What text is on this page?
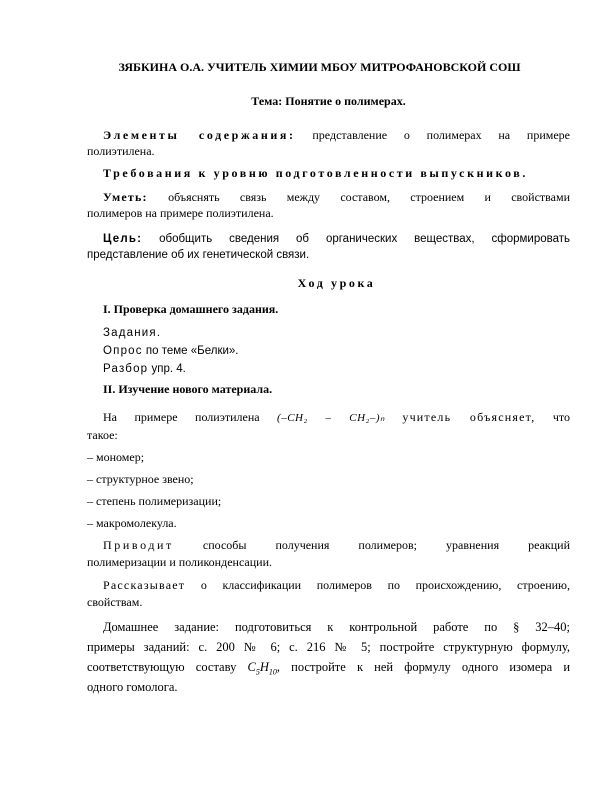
ЗЯБКИНА О.А. УЧИТЕЛЬ ХИМИИ МБОУ МИТРОФАНОВСКОЙ СОШ
Тема: Понятие о полимерах.
Элементы содержания: представление о полимерах на примере
полиэтилена.
Требования к уровню подготовленности выпускников.
Уметь: объяснять связь между составом, строением и свойствами
полимеров на примере полиэтилена.
Цель: обобщить сведения об органических веществах, сформировать
представление об их генетической связи.
Ход урока
I. Проверка домашнего задания.
Задания.
Опрос по теме «Белки».
Разбор упр. 4.
II. Изучение нового материала.
На примере полиэтилена (–CH₂ – CH₂–)ₙ учитель объясняет, что
такое:
– мономер;
– структурное звено;
– степень полимеризации;
– макромолекула.
Приводит способы получения полимеров; уравнения реакций
полимеризации и поликонденсации.
Рассказывает о классификации полимеров по происхождению, строению,
свойствам.
Домашнее задание: подготовиться к контрольной работе по § 32–40;
примеры заданий: с. 200 № 6; с. 216 № 5; постройте структурную формулу,
соответствующую составу $C_5H_{10}$, постройте к ней формулу одного изомера и
одного гомолога.
